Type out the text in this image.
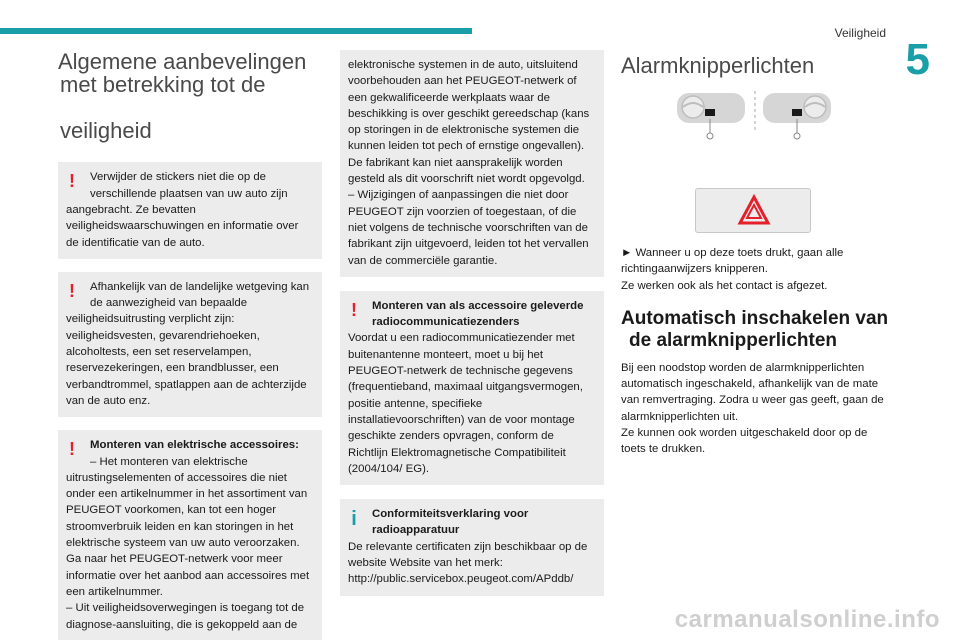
Veiligheid
5
Algemene aanbevelingen

met betrekking tot de

veiligheid
!	Verwijder de stickers niet die op de
verschillende plaatsen van uw auto zijn
aangebracht. Ze bevatten veiligheidswaarschuwingen en informatie over de identificatie van de auto.
!	Afhankelijk van de landelijke wetgeving kan
de aanwezigheid van bepaalde
veiligheidsuitrusting verplicht zijn: veiligheidsvesten, gevarendriehoeken, alcoholtests, een set reservelampen, reservezekeringen, een brandblusser, een verbandtrommel, spatlappen aan de achterzijde van de auto enz.
!	Monteren van elektrische accessoires:
– Het monteren van elektrische
uitrustingselementen of accessoires die niet onder een artikelnummer in het assortiment van PEUGEOT voorkomen, kan tot een hoger stroomverbruik leiden en kan storingen in het elektrische systeem van uw auto veroorzaken. Ga naar het PEUGEOT-netwerk voor meer informatie over het aanbod aan accessoires met een artikelnummer.
– Uit veiligheidsoverwegingen is toegang tot de diagnose-aansluiting, die is gekoppeld aan de
elektronische systemen in de auto, uitsluitend voorbehouden aan het PEUGEOT-netwerk of een gekwalificeerde werkplaats waar de beschikking is over geschikt gereedschap (kans op storingen in de elektronische systemen die kunnen leiden tot pech of ernstige ongevallen). De fabrikant kan niet aansprakelijk worden gesteld als dit voorschrift niet wordt opgevolgd.
– Wijzigingen of aanpassingen die niet door PEUGEOT zijn voorzien of toegestaan, of die niet volgens de technische voorschriften van de fabrikant zijn uitgevoerd, leiden tot het vervallen van de commerciële garantie.
!	Monteren van als accessoire geleverde
radiocommunicatiezenders
Voordat u een radiocommunicatiezender met buitenantenne monteert, moet u bij het PEUGEOT-netwerk de technische gegevens (frequentieband, maximaal uitgangsvermogen, positie antenne, specifieke installatievoorschriften) van de voor montage geschikte zenders opvragen, conform de Richtlijn Elektromagnetische Compatibiliteit (2004/104/ EG).
i	Conformiteitsverklaring voor
radioapparatuur
De relevante certificaten zijn beschikbaar op de website Website van het merk: http://public.servicebox.peugeot.com/APddb/
Alarmknipperlichten
► Wanneer u op deze toets drukt, gaan alle
richtingaanwijzers knipperen.
Ze werken ook als het contact is afgezet.
Automatisch inschakelen van
de alarmknipperlichten
Bij een noodstop worden de alarmknipperlichten automatisch ingeschakeld, afhankelijk van de mate van remvertraging. Zodra u weer gas geeft, gaan de alarmknipperlichten uit.
Ze kunnen ook worden uitgeschakeld door op de toets te drukken.
carmanualsonline.info
